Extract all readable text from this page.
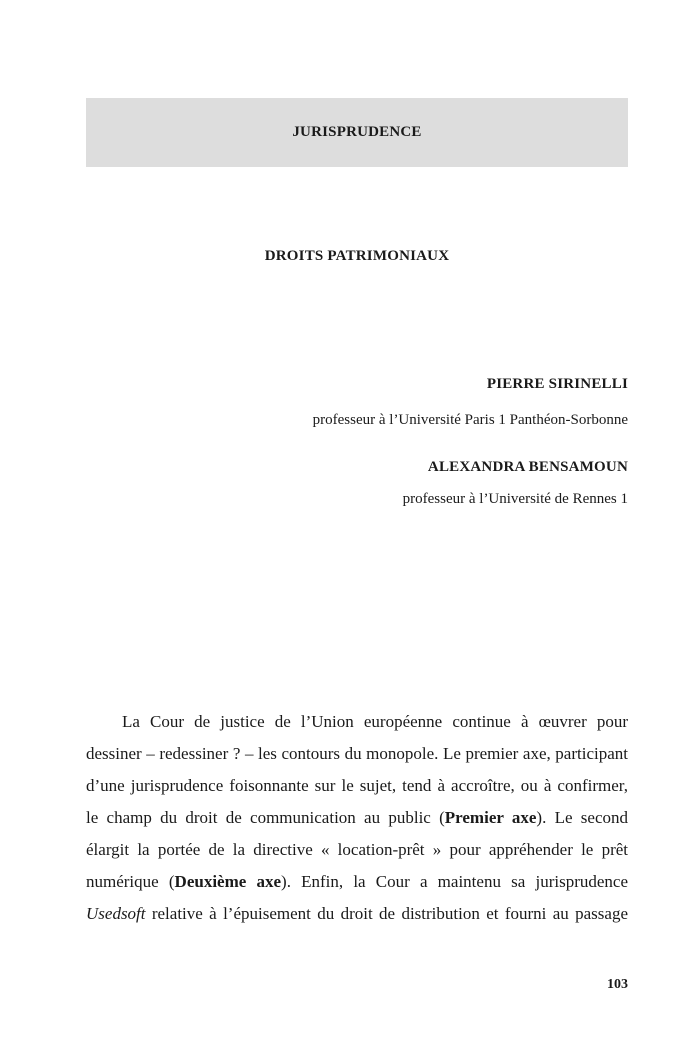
JURISPRUDENCE
DROITS PATRIMONIAUX
PIERRE SIRINELLI
professeur à l’Université Paris 1 Panthéon-Sorbonne
ALEXANDRA BENSAMOUN
professeur à l’Université de Rennes 1
La Cour de justice de l’Union européenne continue à œuvrer pour
dessiner – redessiner ? – les contours du monopole. Le premier axe, participant
d’une jurisprudence foisonnante sur le sujet, tend à accroître, ou à confirmer,
le champ du droit de communication au public (Premier axe). Le second
élargit la portée de la directive « location-prêt » pour appréhender le prêt
numérique (Deuxième axe). Enfin, la Cour a maintenu sa jurisprudence
Usedsoft relative à l’épuisement du droit de distribution et fourni au passage
103
